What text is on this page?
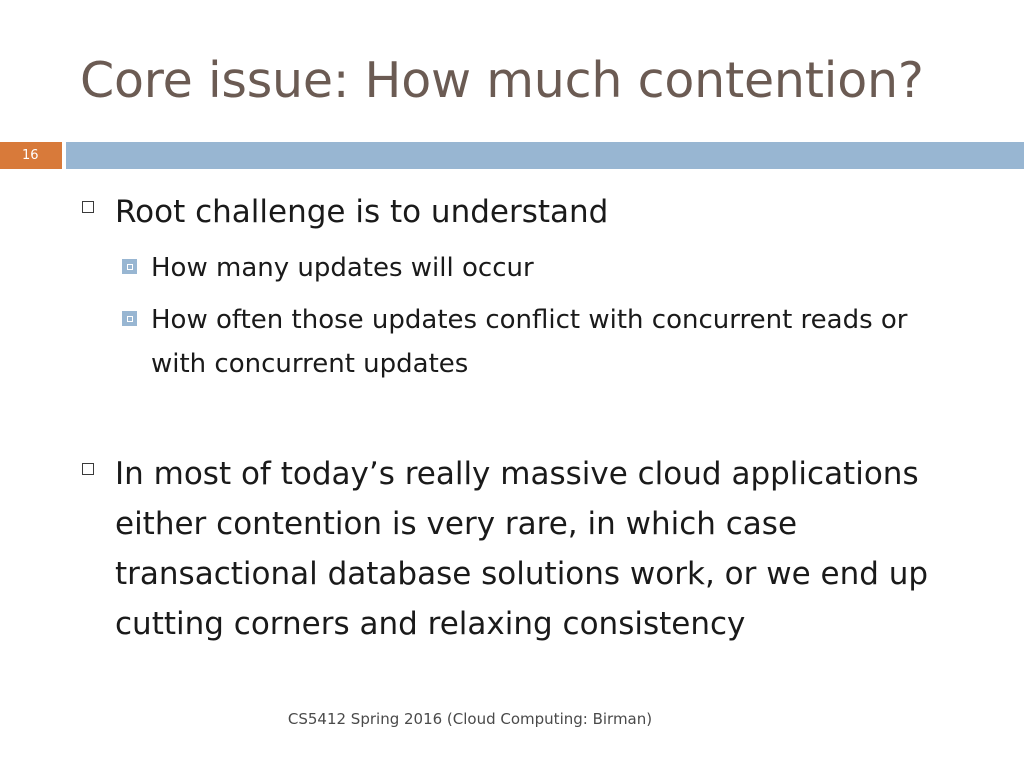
Core issue: How much contention?
16
Root challenge is to understand
How many updates will occur
How often those updates conflict with concurrent reads or with concurrent updates
In most of today’s really massive cloud applications either contention is very rare, in which case transactional database solutions work, or we end up cutting corners and relaxing consistency
CS5412 Spring 2016 (Cloud Computing: Birman)
